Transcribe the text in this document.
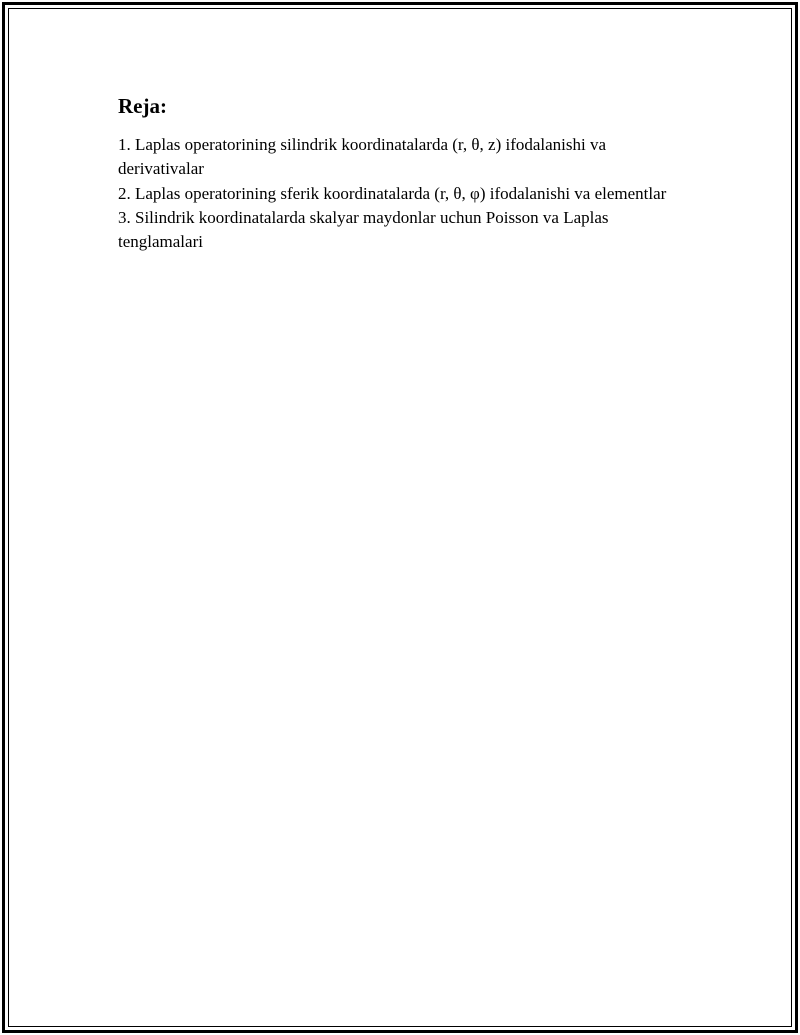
Reja:
1. Laplas operatorining silindrik koordinatalarda (r, θ, z) ifodalanishi va derivativalar
2. Laplas operatorining sferik koordinatalarda (r, θ, φ) ifodalanishi va elementlar
3. Silindrik koordinatalarda skalyar maydonlar uchun Poisson va Laplas tenglamalari
